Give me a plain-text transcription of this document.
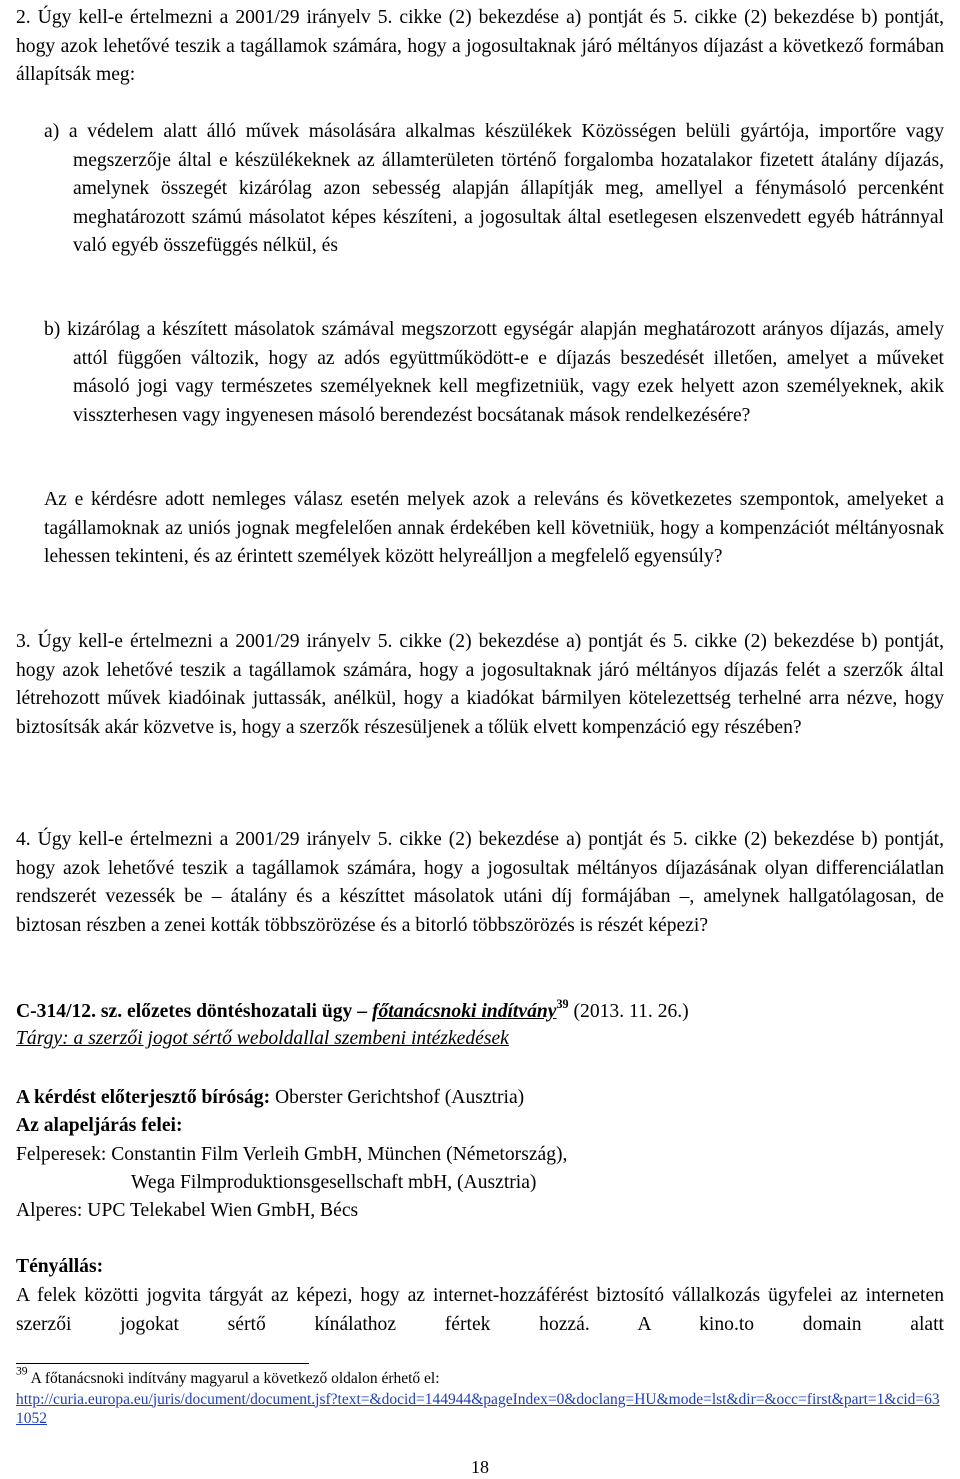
2. Úgy kell-e értelmezni a 2001/29 irányelv 5. cikke (2) bekezdése a) pontját és 5. cikke (2) bekezdése b) pontját, hogy azok lehetővé teszik a tagállamok számára, hogy a jogosultaknak járó méltányos díjazást a következő formában állapítsák meg:

a) a védelem alatt álló művek másolására alkalmas készülékek Közösségen belüli gyártója, importőre vagy megszerzője által e készülékeknek az államterületen történő forgalomba hozatalakor fizetett átalány díjazás, amelynek összegét kizárólag azon sebesség alapján állapítják meg, amellyel a fénymásoló percenként meghatározott számú másolatot képes készíteni, a jogosultak által esetlegesen elszenvedett egyéb hátránnyal való egyéb összefüggés nélkül, és

b) kizárólag a készített másolatok számával megszorzott egységár alapján meghatározott arányos díjazás, amely attól függően változik, hogy az adós együttműködött-e e díjazás beszedését illetően, amelyet a műveket másoló jogi vagy természetes személyeknek kell megfizetniük, vagy ezek helyett azon személyeknek, akik visszterhesen vagy ingyenesen másoló berendezést bocsátanak mások rendelkezésére?

Az e kérdésre adott nemleges válasz esetén melyek azok a releváns és következetes szempontok, amelyeket a tagállamoknak az uniós jognak megfelelően annak érdekében kell követniük, hogy a kompenzációt méltányosnak lehessen tekinteni, és az érintett személyek között helyreálljon a megfelelő egyensúly?

3. Úgy kell-e értelmezni a 2001/29 irányelv 5. cikke (2) bekezdése a) pontját és 5. cikke (2) bekezdése b) pontját, hogy azok lehetővé teszik a tagállamok számára, hogy a jogosultaknak járó méltányos díjazás felét a szerzők által létrehozott művek kiadóinak juttassák, anélkül, hogy a kiadókat bármilyen kötelezettség terhelné arra nézve, hogy biztosítsák akár közvetve is, hogy a szerzők részesüljenek a tőlük elvett kompenzáció egy részében?

4. Úgy kell-e értelmezni a 2001/29 irányelv 5. cikke (2) bekezdése a) pontját és 5. cikke (2) bekezdése b) pontját, hogy azok lehetővé teszik a tagállamok számára, hogy a jogosultak méltányos díjazásának olyan differenciálatlan rendszerét vezessék be – átalány és a készíttet másolatok utáni díj formájában –, amelynek hallgatólagosan, de biztosan részben a zenei kották többszörözése és a bitorló többszörözés is részét képezi?

C-314/12. sz. előzetes döntéshozatali ügy – főtanácsnoki indítvány$^{39}$ (2013. 11. 26.)

Tárgy: a szerzői jogot sértő weboldallal szembeni intézkedések

A kérdést előterjesztő bíróság: Oberster Gerichtshof (Ausztria)

Az alapeljárás felei:

Felperesek: Constantin Film Verleih GmbH, München (Németország),

Wega Filmproduktionsgesellschaft mbH, (Ausztria)

Alperes: UPC Telekabel Wien GmbH, Bécs

Tényállás:

A felek közötti jogvita tárgyát az képezi, hogy az internet-hozzáférést biztosító vállalkozás ügyfelei az interneten szerzői jogokat sértő kínálathoz fértek hozzá. A kino.to domain alatt

$^{39}$ A főtanácsnoki indítvány magyarul a következő oldalon érhető el:
http://curia.europa.eu/juris/document/document.jsf?text=&docid=144944&pageIndex=0&doclang=HU&mode=lst&dir=&occ=first&part=1&cid=631052
18
